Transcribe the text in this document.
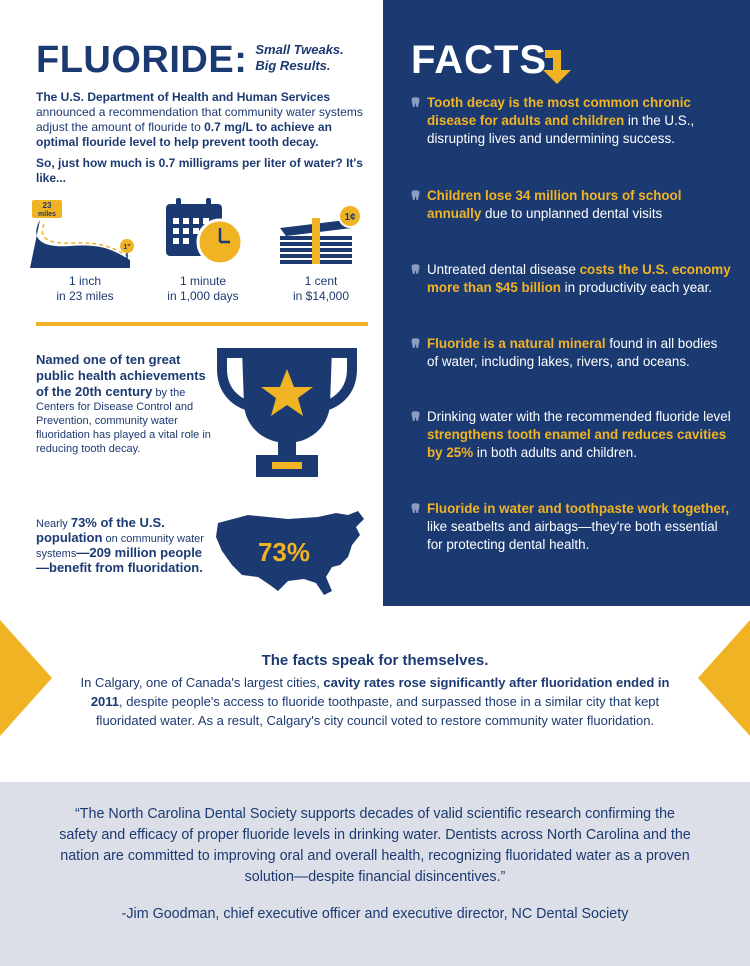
FLUORIDE: Small Tweaks.
Big Results.

The U.S. Department of Health and Human Services announced a recommendation that community water systems adjust the amount of flouride to 0.7 mg/L to achieve an optimal flouride level to help prevent tooth decay.

So, just how much is 0.7 milligrams per liter of water? It's like...

23
miles
1"
1 inch
in 23 miles
1 minute
in 1,000 days
1¢
1 cent
in $14,000

Named one of ten great public health achievements of the 20th century by the Centers for Disease Control and Prevention, community water fluoridation has played a vital role in reducing tooth decay.

Nearly 73% of the U.S. population on community water systems—209 million people—benefit from fluoridation.

73%
FACTS
Tooth decay is the most common chronic disease for adults and children in the U.S., disrupting lives and undermining success.
Children lose 34 million hours of school annually due to unplanned dental visits
Untreated dental disease costs the U.S. economy more than $45 billion in productivity each year.
Fluoride is a natural mineral found in all bodies of water, including lakes, rivers, and oceans.
Drinking water with the recommended fluoride level strengthens tooth enamel and reduces cavities by 25% in both adults and children.
Fluoride in water and toothpaste work together, like seatbelts and airbags—they're both essential for protecting dental health.
The facts speak for themselves.

In Calgary, one of Canada's largest cities, cavity rates rose significantly after fluoridation ended in 2011, despite people's access to fluoride toothpaste, and surpassed those in a similar city that kept fluoridated water. As a result, Calgary's city council voted to restore community water fluoridation.

“The North Carolina Dental Society supports decades of valid scientific research confirming the safety and efficacy of proper fluoride levels in drinking water. Dentists across North Carolina and the nation are committed to improving oral and overall health, recognizing fluoridated water as a proven solution—despite financial disincentives.”

-Jim Goodman, chief executive officer and executive director, NC Dental Society
